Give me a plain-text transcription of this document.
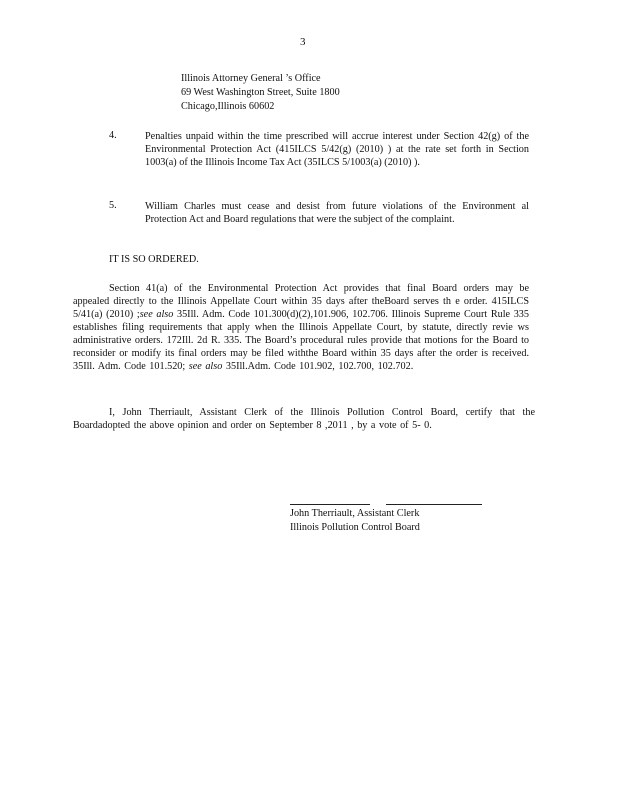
3
Illinois Attorney General ’s Office
69 West Washington Street, Suite 1800
Chicago,Illinois 60602
4.	Penalties unpaid within the time prescribed will accrue interest under Section 42(g) of the Environmental Protection Act (415ILCS 5/42(g) (2010) ) at the rate set forth in Section 1003(a) of the Illinois Income Tax Act (35ILCS 5/1003(a) (2010) ).
5.	William Charles must cease and desist from future violations of the Environment al Protection Act and Board regulations that were the subject of the complaint.
IT IS SO ORDERED.
Section 41(a) of the Environmental Protection Act provides that final Board orders may be appealed directly to the Illinois Appellate Court within 35 days after theBoard serves th e order. 415ILCS 5/41(a) (2010) ;see also 35Ill. Adm. Code 101.300(d)(2),101.906, 102.706. Illinois Supreme Court Rule 335 establishes filing requirements that apply when the Illinois Appellate Court, by statute, directly revie ws administrative orders. 172Ill. 2d R. 335. The Board’s procedural rules provide that motions for the Board to reconsider or modify its final orders may be filed withthe Board within 35 days after the order is received. 35Ill. Adm. Code 101.520; see also 35Ill.Adm. Code 101.902, 102.700, 102.702.
I, John Therriault, Assistant Clerk of the Illinois Pollution Control Board, certify that the Boardadopted the above opinion and order on September 8 ,2011 , by a vote of 5- 0.
John Therriault, Assistant Clerk
Illinois Pollution Control Board
